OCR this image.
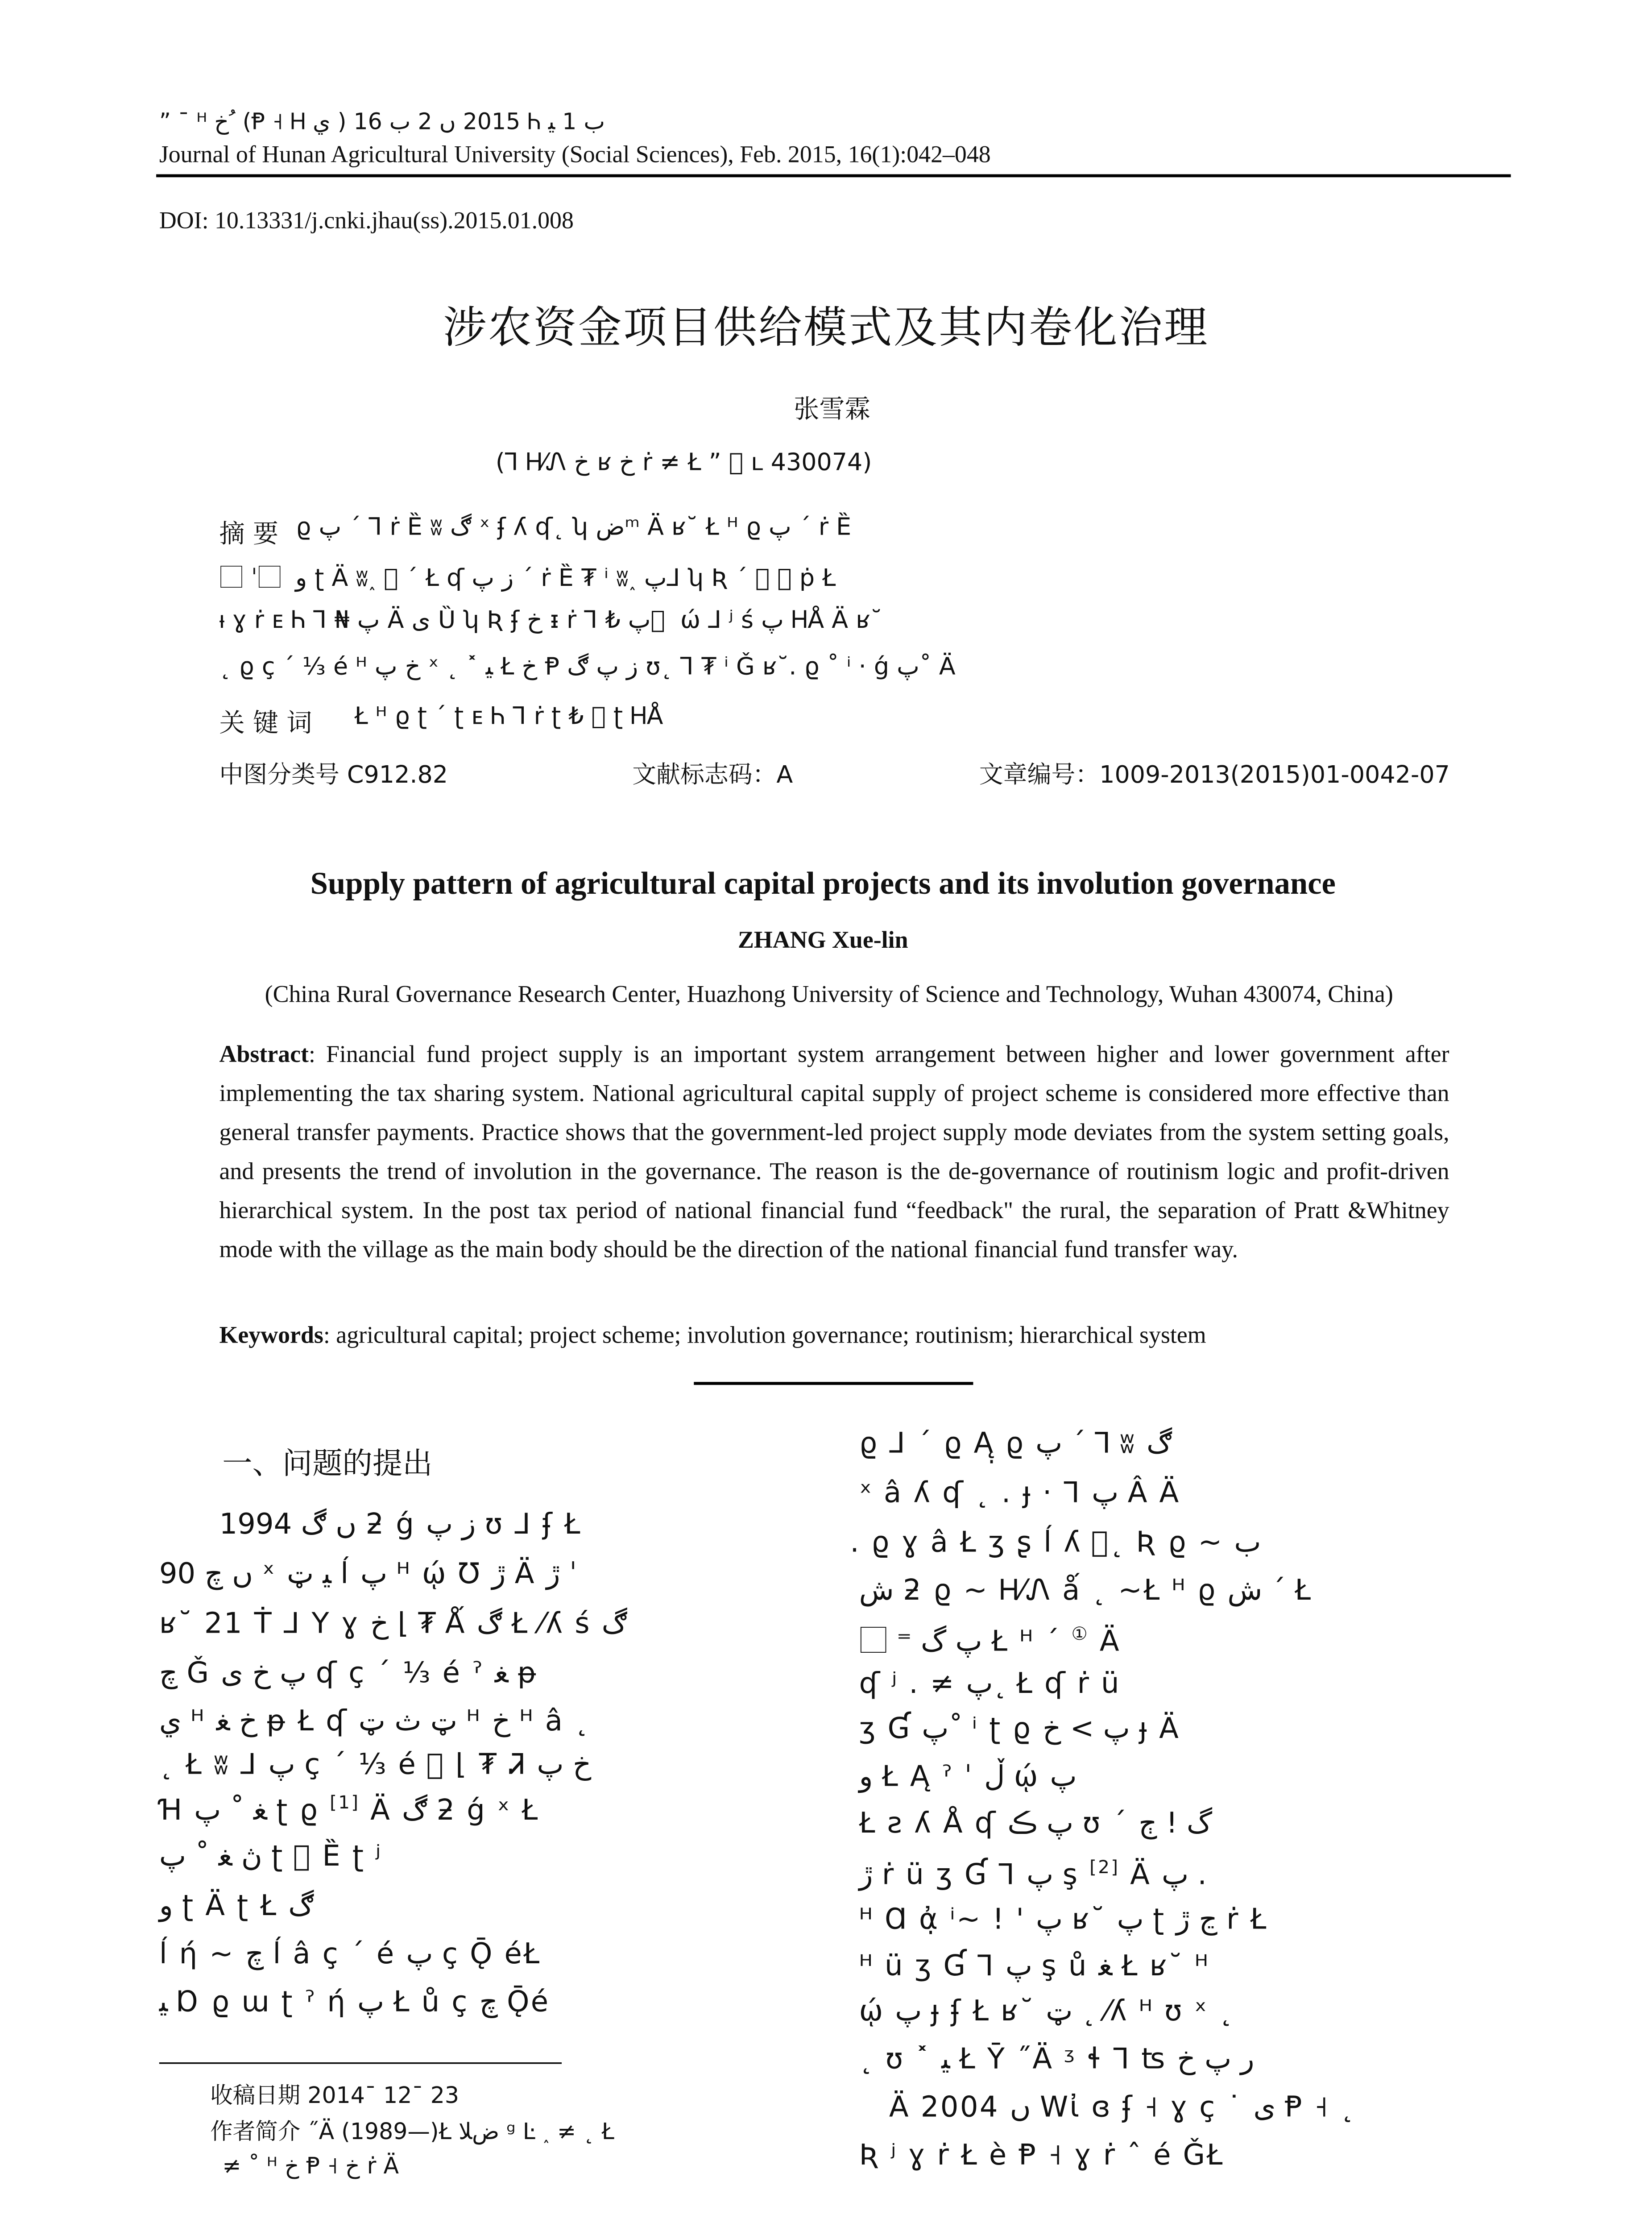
” ¯ ᴴ ﺥ ُ (Ᵽ ˧ Ꮋ ي ) 2015 ں 2 ب 16 Ꮒ ب 1 ﯿ
Journal of Hunan Agricultural University (Social Sciences), Feb. 2015, 16(1):042–048
DOI: 10.13331/j.cnki.jhau(ss).2015.01.008
涉农资金项目供给模式及其内卷化治理
张雪霖
(⅂ Ꮋ⁄Ꮑ ﺥ ʁ ﺥ ṙ ≠ Ł ” ⃞ ʟ 430074)
摘 要 ϱ پ ˊ ⅂ ṙ Ȅ ʬ ڰ ˣ ʄ ʎ ʠ˛ ʮ ضᵐ Ä ʁ˘ Ł ᴴ ϱ پ ˊ ṙ Ȅ
⃞ ˈ ⃞ ﻭ ʈ Ä ʬ˰ ⃞ ˊ Ł ʠ ز پ ˊ ṙ Ȅ ₮ ⁱ ʬ˰ پ⅃ ʮ Ʀ ˊ ⃞ ⃞ ṗ Ł
ᵼ ɣ ṙ ᴇ Ꮒ ⅂ ₦ پ Ä ی Ȕ ʮ Ʀ ʄ ﺥ ᵻ ṙ ⅂ ₺ پ ⃞ ώ ⅃ ʲ ś پ ᎻÅ Ä ʁ˘
˛ ϱ ç ˊ ⅓ é ᴴ ﺥ پ ˣ ˛ ˟ ﯿ Ł ﺥ Ᵽ ز پ ڰ ʊ˛ ⅂ ₮ ⁱ Ǧ ʁ˘. ϱ ˚ ⁱ · ǵ پ˚ Ä
关 键 词	Ł ᴴ ϱ ʈ ˊ ʈ ᴇ Ꮒ ⅂ ṙ ʈ ₺ ⃞ ʈ ᎻÅ
中图分类号 C912.82	文献标志码：A	文章编号：1009-2013(2015)01-0042-07
Supply pattern of agricultural capital projects and its involution governance
ZHANG Xue-lin
(China Rural Governance Research Center, Huazhong University of Science and Technology, Wuhan 430074, China)
Abstract: Financial fund project supply is an important system arrangement between higher and lower government after implementing the tax sharing system. National agricultural capital supply of project scheme is considered more effective than general transfer payments. Practice shows that the government-led project supply mode deviates from the system setting goals, and presents the trend of involution in the governance. The reason is the de-governance of routinism logic and profit-driven hierarchical system. In the post tax period of national financial fund “feedback" the rural, the separation of Pratt &Whitney mode with the village as the main body should be the direction of the national financial fund transfer way.
Keywords: agricultural capital; project scheme; involution governance; routinism; hierarchical system
一、问题的提出
1994 ں ڰ ƻ ǵ ز پ ʊ ⅃ ʄ Ł
90 ں ﭺ ˣ ﯿ ټ ĺ پ ᴴ ῴ Ʊ ڙ Ä ڙ ˈ
ʁ˘ 21 Ṫ ⅃ Y ɣ ﺥ ⌊ ₮ Ǻ ڰ Ł ⁄ʎ ś ڰ
ﭺ Ǧ پ ﺥ ی ʠ ç ˊ ⅓ é ˀ ﻐ ᵽ
ي ᴴ ﺥ ﻐ ᵽ Ł ʠ ټ ث ټ ᴴ ﺥ ᴴ â ˛
˛ Ł ʬ ⅃ پ ç ˊ ⅓ é ⃞ ⌊ ₮ Ꮨ ﺥ پ
Ɦ ﻐ ˚ پ ʈ ϱ [1] Ä ڰ ƻ ǵ ˣ Ł
ڽ ﻐ ˚ پ ʈ ⃞ Ȅ ʈ ʲ
ﻭ ʈ Ä ʈ Ł ڰ
ĺ ή ~ ﭺ ĺ â ç ˊ é پ ç Ǭ éŁ
ﯿ Ɒ ϱ ɯ ʈ ˀ ή پ Ł ů ç ﭺ Ǭé
收稿日期 2014ˉ 12ˉ 23
作者简介 ˝Ä (1989—)Ł ضﻼ ᵍ Ŀ ˰ ≠ ˛ Ł
≠ ˚ ᴴ ﺥ Ᵽ ˧ ﺥ ṙ Ä
ϱ ⅃ ˊ ϱ Ą̣ ϱ پ ˊ ⅂ ʬ ڰ
ˣ â ʎ ʠ ˛ . ɟ · ⅂ پ Â Ä
. ϱ ɣ â Ł ʒ ʂ ĺ ʎ ⃞˛ Ʀ ϱ ~ ب
ﺵ ƻ ϱ ~ Ꮋ⁄Ꮑ ǻ ˛ ~Ł ᴴ ϱ ﺵ ˊ Ł
⃞ ⁼ پ گ Ł ᴴ ˊ ① Ä
ʠ ʲ . ≠ پ˛ Ł ʠ ṙ ü
ʒ Ɠ پ˚ ⁱ ʈ ϱ پ > ﺥ ɟ Ä
ﻭ Ł Ą ˀ ˈ ڵ ῴ پ
Ł ƨ ʎ Å ʠ پ ڪ ʊ ˊ گ ! ڄ
ڙ ṙ ü ʒ Ɠ ⅂ پ ş [2] Ä پ .
ᴴ Ɑ ἀ̣ ⁱ~ ! ' پ ʁ˘ پ ʈ ڃ ڙ ṙ Ł
ᴴ ü ʒ Ɠ ⅂ پ ş ů ﻐ Ł ʁ˘ ᴴ
ῴ پ ɟ ʄ Ł ʁ˘ ټ ˛ ⁄ʎ ᴴ ʊ ˣ ˛
˛ ʊ ˟ ﯿ Ł Ȳ ˝Ä ᶾ ɬ ⅂ ʦ ر پ ﺥ
Ä 2004 ں Wἰ ɞ ʄ ˧ ɣ ç ˙ ی Ᵽ ˧ ˛
Ʀ ʲ ɣ ṙ Ł è Ᵽ ˧ ɣ ṙ ˆ é ǦŁ
